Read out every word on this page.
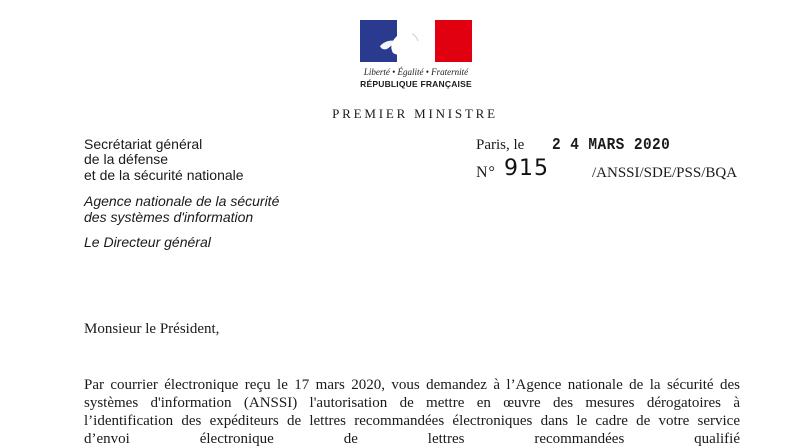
Liberté • Égalité • Fraternité
RÉPUBLIQUE FRANÇAISE
PREMIER MINISTRE
Secrétariat général
de la défense
et de la sécurité nationale
Agence nationale de la sécurité
des systèmes d'information
Le Directeur général
Paris, le 2 4 MARS 2020
N° 915	/ANSSI/SDE/PSS/BQA
Monsieur le Président,
Par courrier électronique reçu le 17 mars 2020, vous demandez à l’Agence nationale de la sécurité des
systèmes d'information (ANSSI) l'autorisation de mettre en œuvre des mesures dérogatoires à
l’identification des expéditeurs de lettres recommandées électroniques dans le cadre de votre service
d’envoi électronique de lettres recommandées qualifié
